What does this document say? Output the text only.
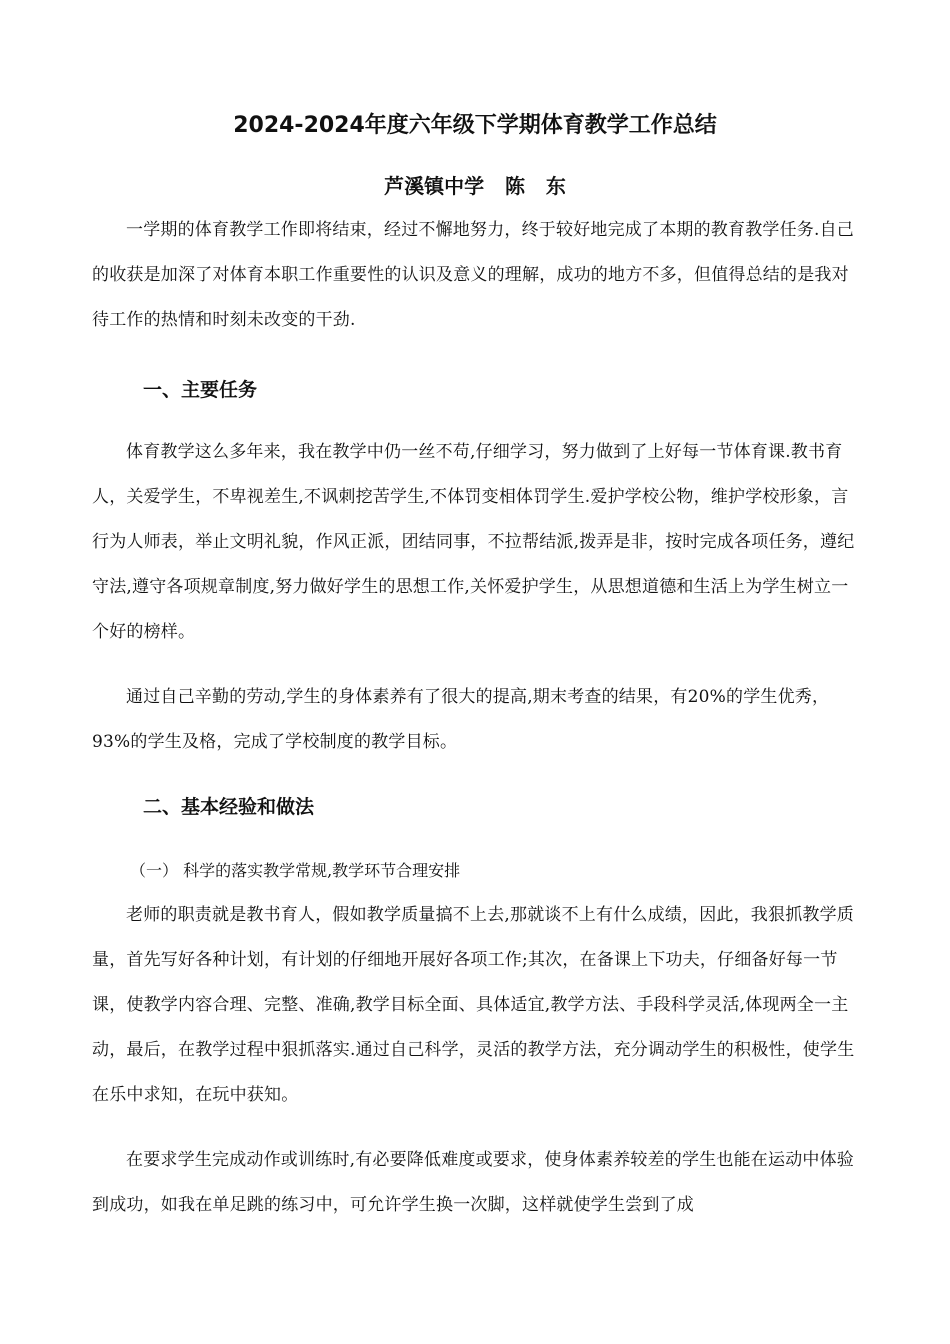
2024-2024年度六年级下学期体育教学工作总结
芦溪镇中学   陈   东

一学期的体育教学工作即将结束，经过不懈地努力，终于较好地完成了本期的教育教学任务.自己的收获是加深了对体育本职工作重要性的认识及意义的理解，成功的地方不多，但值得总结的是我对待工作的热情和时刻未改变的干劲.

一、主要任务

体育教学这么多年来，我在教学中仍一丝不苟,仔细学习，努力做到了上好每一节体育课.教书育人，关爱学生，不卑视差生,不讽刺挖苦学生,不体罚变相体罚学生.爱护学校公物，维护学校形象，言行为人师表，举止文明礼貌，作风正派，团结同事，不拉帮结派,拨弄是非，按时完成各项任务，遵纪守法,遵守各项规章制度,努力做好学生的思想工作,关怀爱护学生，从思想道德和生活上为学生树立一个好的榜样。

通过自己辛勤的劳动,学生的身体素养有了很大的提高,期末考查的结果，有20%的学生优秀，93%的学生及格，完成了学校制度的教学目标。

二、基本经验和做法
（一） 科学的落实教学常规,教学环节合理安排

老师的职责就是教书育人，假如教学质量搞不上去,那就谈不上有什么成绩，因此，我狠抓教学质量，首先写好各种计划，有计划的仔细地开展好各项工作;其次，在备课上下功夫，仔细备好每一节课，使教学内容合理、完整、准确,教学目标全面、具体适宜,教学方法、手段科学灵活,体现两全一主动，最后，在教学过程中狠抓落实.通过自己科学，灵活的教学方法，充分调动学生的积极性，使学生在乐中求知，在玩中获知。

在要求学生完成动作或训练时,有必要降低难度或要求，使身体素养较差的学生也能在运动中体验到成功，如我在单足跳的练习中，可允许学生换一次脚，这样就使学生尝到了成
